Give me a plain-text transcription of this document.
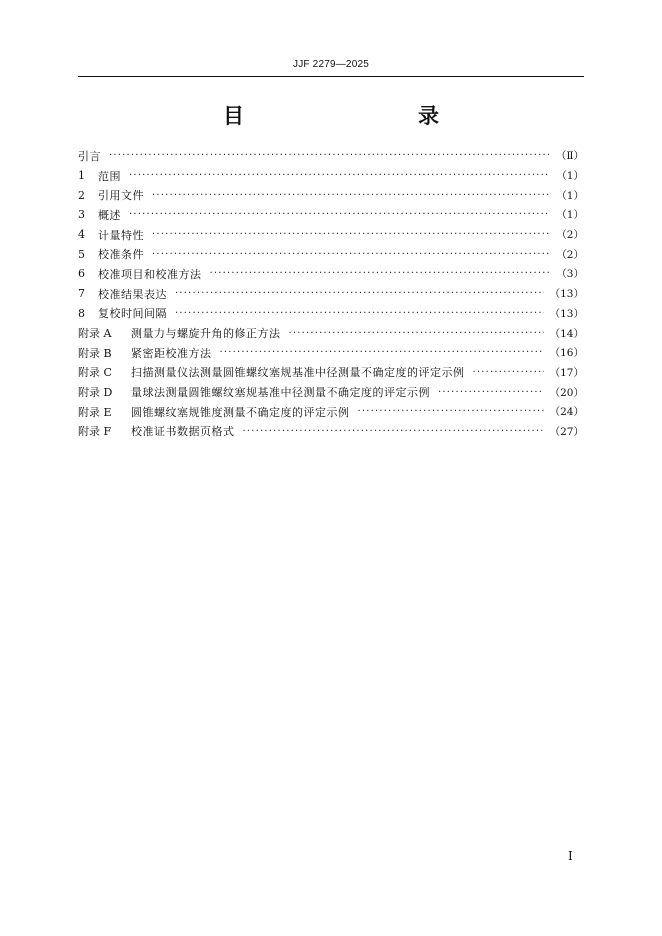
JJF 2279—2025
目　　录
引言 ·····	（Ⅱ）
1	范围 ·····	（1）
2	引用文件 ·····	（1）
3	概述 ·····	（1）
4	计量特性 ·····	（2）
5	校准条件 ·····	（2）
6	校准项目和校准方法 ·····	（3）
7	校准结果表达 ·····	（13）
8	复校时间间隔 ·····	（13）
附录 A	测量力与螺旋升角的修正方法 ·····	（14）
附录 B	紧密距校准方法 ·····	（16）
附录 C	扫描测量仪法测量圆锥螺纹塞规基准中径测量不确定度的评定示例 ·····	（17）
附录 D	量球法测量圆锥螺纹塞规基准中径测量不确定度的评定示例 ·····	（20）
附录 E	圆锥螺纹塞规锥度测量不确定度的评定示例 ·····	（24）
附录 F	校准证书数据页格式 ·····	（27）
Ⅰ
